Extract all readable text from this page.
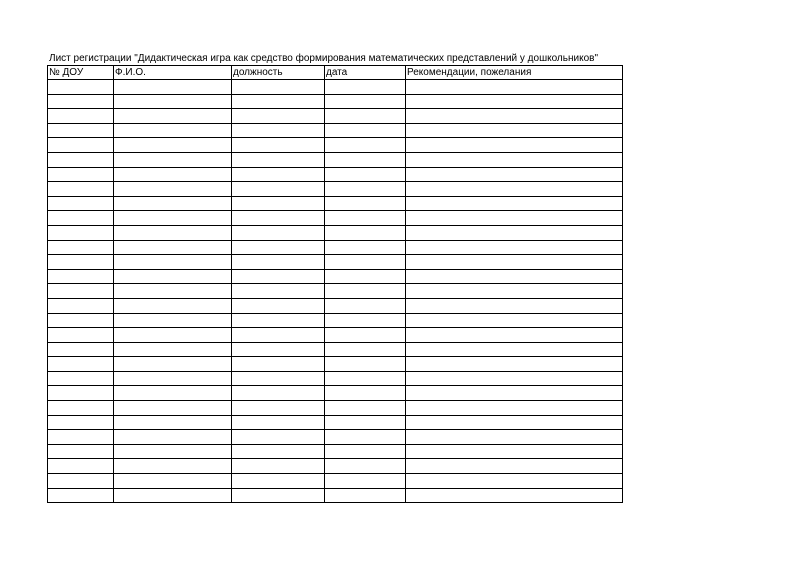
Лист регистрации "Дидактическая игра как средство формирования математических представлений у дошкольников"
№ ДОУ	Ф.И.О.	должность	дата	Рекомендации, пожелания
